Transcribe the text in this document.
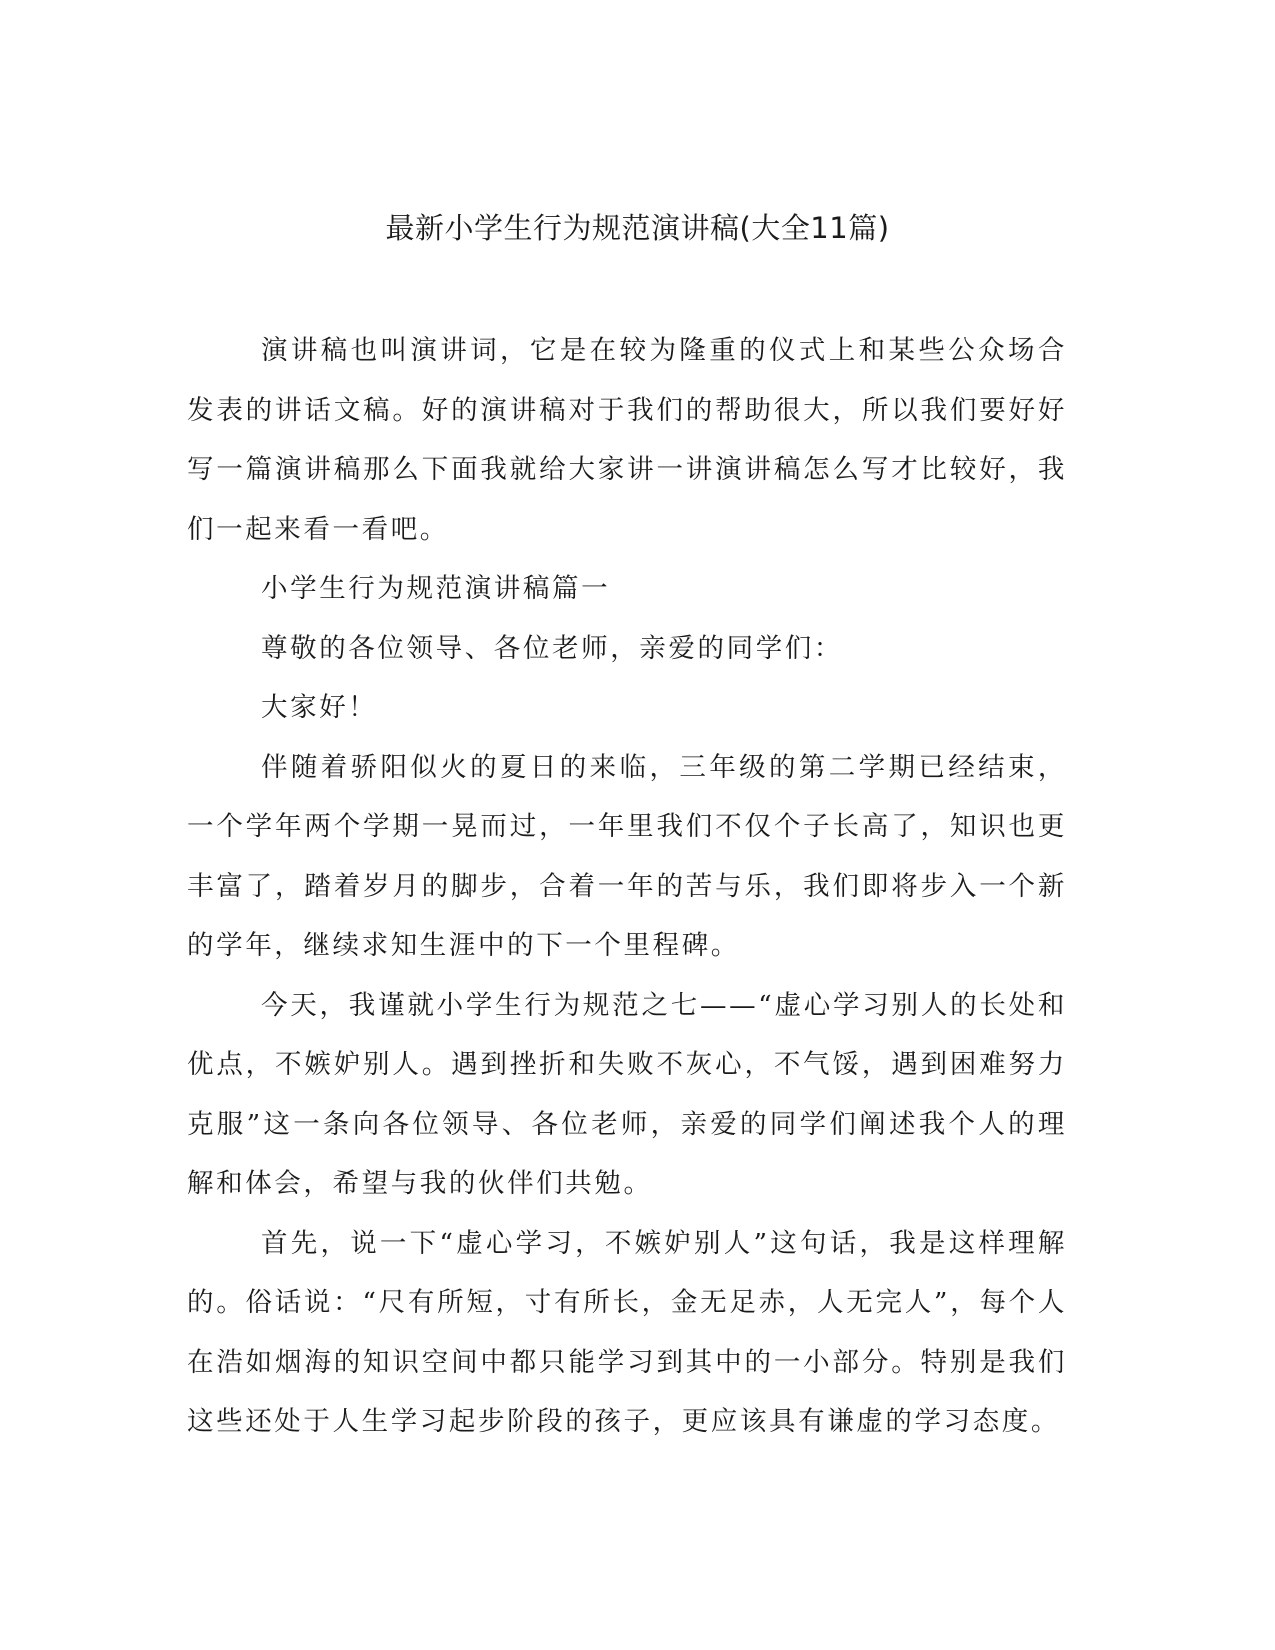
最新小学生行为规范演讲稿(大全11篇)

演讲稿也叫演讲词，它是在较为隆重的仪式上和某些公众场合发表的讲话文稿。好的演讲稿对于我们的帮助很大，所以我们要好好写一篇演讲稿那么下面我就给大家讲一讲演讲稿怎么写才比较好，我们一起来看一看吧。

小学生行为规范演讲稿篇一

尊敬的各位领导、各位老师，亲爱的同学们：

大家好！

伴随着骄阳似火的夏日的来临，三年级的第二学期已经结束，一个学年两个学期一晃而过，一年里我们不仅个子长高了，知识也更丰富了，踏着岁月的脚步，合着一年的苦与乐，我们即将步入一个新的学年，继续求知生涯中的下一个里程碑。

今天，我谨就小学生行为规范之七——“虚心学习别人的长处和优点，不嫉妒别人。遇到挫折和失败不灰心，不气馁，遇到困难努力克服”这一条向各位领导、各位老师，亲爱的同学们阐述我个人的理解和体会，希望与我的伙伴们共勉。

首先，说一下“虚心学习，不嫉妒别人”这句话，我是这样理解的。俗话说：“尺有所短，寸有所长，金无足赤，人无完人”，每个人在浩如烟海的知识空间中都只能学习到其中的一小部分。特别是我们这些还处于人生学习起步阶段的孩子，更应该具有谦虚的学习态度。
